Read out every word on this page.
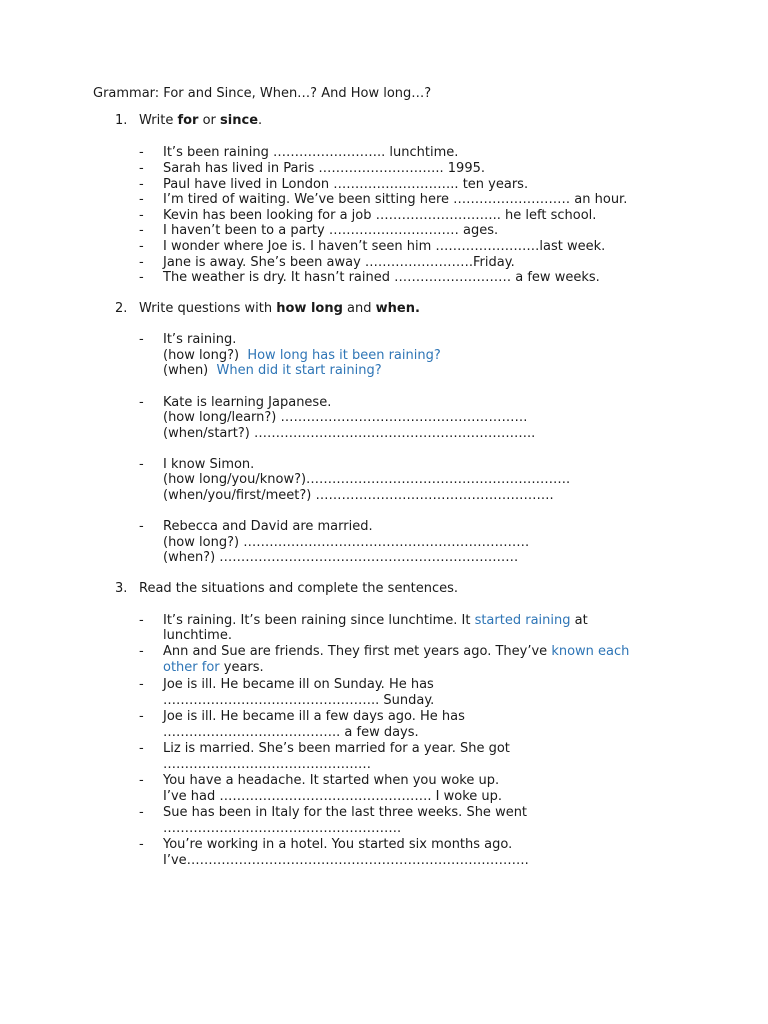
Grammar: For and Since, When…? And How long…?
1. Write for or since.
- It’s been raining …………………….. lunchtime.
- Sarah has lived in Paris ……………………….. 1995.
- Paul have lived in London ……………………….. ten years.
- I’m tired of waiting. We’ve been sitting here ……………………… an hour.
- Kevin has been looking for a job ……………………….. he left school.
- I haven’t been to a party ………………………… ages.
- I wonder where Joe is. I haven’t seen him ……………………last week.
- Jane is away. She’s been away …………………….Friday.
- The weather is dry. It hasn’t rained ……………………… a few weeks.
2. Write questions with how long and when.
- It’s raining.
(how long?) How long has it been raining?
(when) When did it start raining?
- Kate is learning Japanese.
(how long/learn?) …………………………………………………
(when/start?) ………………………………………………………..
- I know Simon.
(how long/you/know?)…………………………………………………….
(when/you/first/meet?) ……………………………………………….
- Rebecca and David are married.
(how long?) …………………………………………………………
(when?) ……………………………………………………………
3. Read the situations and complete the sentences.
- It’s raining. It’s been raining since lunchtime. It started raining at
lunchtime.
- Ann and Sue are friends. They first met years ago. They’ve known each
other for years.
- Joe is ill. He became ill on Sunday. He has
………………………………………….. Sunday.
- Joe is ill. He became ill a few days ago. He has
………………………………….. a few days.
- Liz is married. She’s been married for a year. She got
…………………………………………
- You have a headache. It started when you woke up.
I’ve had …………………………………………. I woke up.
- Sue has been in Italy for the last three weeks. She went
……………………………………………….
- You’re working in a hotel. You started six months ago.
I’ve…………………………………………………………………….
